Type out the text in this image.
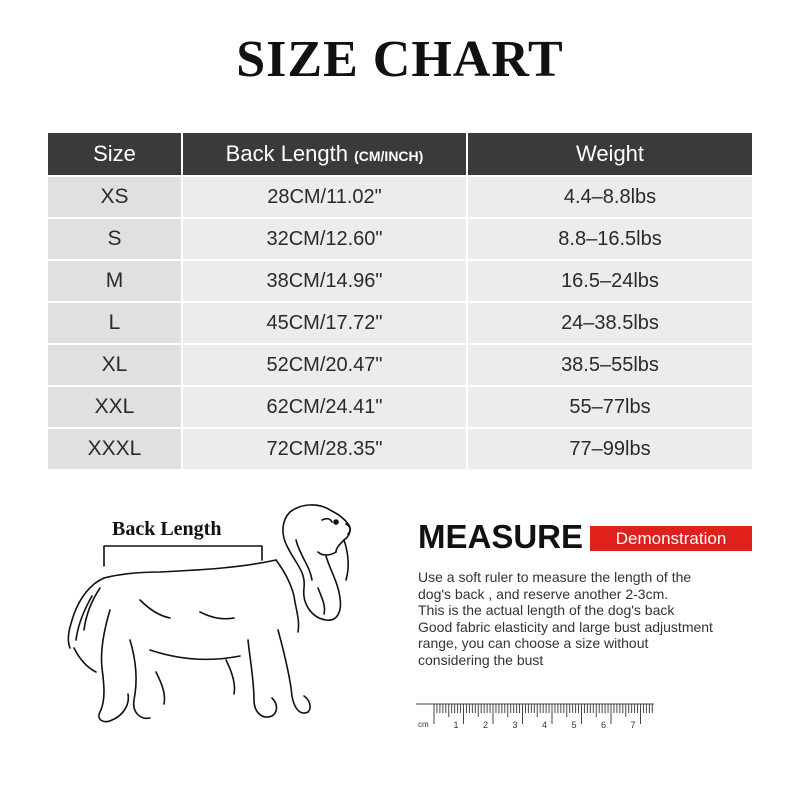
SIZE CHART
Size	Back Length (CM/INCH)	Weight
XS	28CM/11.02"	4.4–8.8lbs
S	32CM/12.60"	8.8–16.5lbs
M	38CM/14.96"	16.5–24lbs
L	45CM/17.72"	24–38.5lbs
XL	52CM/20.47"	38.5–55lbs
XXL	62CM/24.41"	55–77lbs
XXXL	72CM/28.35"	77–99lbs
Back Length	MEASURE	Demonstration
Use a soft ruler to measure the length of the
dog's back , and reserve another 2-3cm.
This is the actual length of the dog's back
Good fabric elasticity and large bust adjustment
range, you can choose a size without
considering the bust
cm	1	2	3	4	5	6	7
